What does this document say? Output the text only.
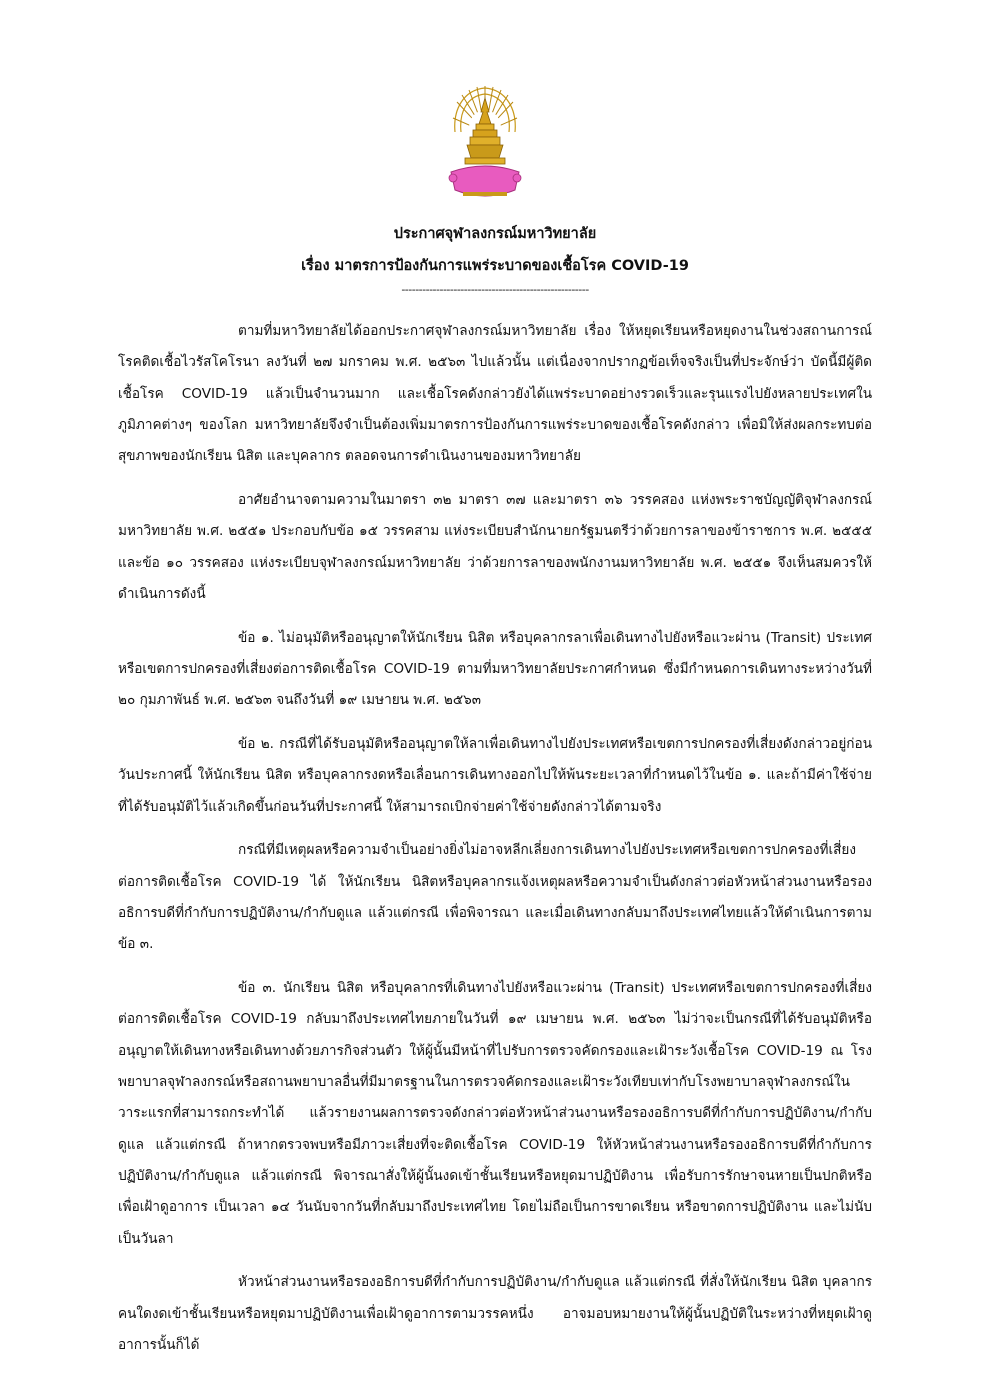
ประกาศจุฬาลงกรณ์มหาวิทยาลัย
เรื่อง มาตรการป้องกันการแพร่ระบาดของเชื้อโรค COVID-19
------------------------------------------------------

ตามที่มหาวิทยาลัยได้ออกประกาศจุฬาลงกรณ์มหาวิทยาลัย เรื่อง ให้หยุดเรียนหรือหยุดงานในช่วงสถานการณ์โรคติดเชื้อไวรัสโคโรนา ลงวันที่ ๒๗ มกราคม พ.ศ. ๒๕๖๓ ไปแล้วนั้น แต่เนื่องจากปรากฏข้อเท็จจริงเป็นที่ประจักษ์ว่า บัดนี้มีผู้ติดเชื้อโรค COVID-19 แล้วเป็นจำนวนมาก และเชื้อโรคดังกล่าวยังได้แพร่ระบาดอย่างรวดเร็วและรุนแรงไปยังหลายประเทศในภูมิภาคต่างๆ ของโลก มหาวิทยาลัยจึงจำเป็นต้องเพิ่มมาตรการป้องกันการแพร่ระบาดของเชื้อโรคดังกล่าว เพื่อมิให้ส่งผลกระทบต่อสุขภาพของนักเรียน นิสิต และบุคลากร ตลอดจนการดำเนินงานของมหาวิทยาลัย

อาศัยอำนาจตามความในมาตรา ๓๒ มาตรา ๓๗ และมาตรา ๓๖ วรรคสอง แห่งพระราชบัญญัติจุฬาลงกรณ์มหาวิทยาลัย พ.ศ. ๒๕๕๑ ประกอบกับข้อ ๑๕ วรรคสาม แห่งระเบียบสำนักนายกรัฐมนตรีว่าด้วยการลาของข้าราชการ พ.ศ. ๒๕๕๕ และข้อ ๑๐ วรรคสอง แห่งระเบียบจุฬาลงกรณ์มหาวิทยาลัย ว่าด้วยการลาของพนักงานมหาวิทยาลัย พ.ศ. ๒๕๕๑ จึงเห็นสมควรให้ดำเนินการดังนี้

ข้อ ๑. ไม่อนุมัติหรืออนุญาตให้นักเรียน นิสิต หรือบุคลากรลาเพื่อเดินทางไปยังหรือแวะผ่าน (Transit) ประเทศหรือเขตการปกครองที่เสี่ยงต่อการติดเชื้อโรค COVID-19 ตามที่มหาวิทยาลัยประกาศกำหนด ซึ่งมีกำหนดการเดินทางระหว่างวันที่ ๒๐ กุมภาพันธ์ พ.ศ. ๒๕๖๓ จนถึงวันที่ ๑๙ เมษายน พ.ศ. ๒๕๖๓

ข้อ ๒. กรณีที่ได้รับอนุมัติหรืออนุญาตให้ลาเพื่อเดินทางไปยังประเทศหรือเขตการปกครองที่เสี่ยงดังกล่าวอยู่ก่อนวันประกาศนี้ ให้นักเรียน นิสิต หรือบุคลากรงดหรือเลื่อนการเดินทางออกไปให้พ้นระยะเวลาที่กำหนดไว้ในข้อ ๑. และถ้ามีค่าใช้จ่ายที่ได้รับอนุมัติไว้แล้วเกิดขึ้นก่อนวันที่ประกาศนี้ ให้สามารถเบิกจ่ายค่าใช้จ่ายดังกล่าวได้ตามจริง

กรณีที่มีเหตุผลหรือความจำเป็นอย่างยิ่งไม่อาจหลีกเลี่ยงการเดินทางไปยังประเทศหรือเขตการปกครองที่เสี่ยงต่อการติดเชื้อโรค COVID-19 ได้ ให้นักเรียน นิสิตหรือบุคลากรแจ้งเหตุผลหรือความจำเป็นดังกล่าวต่อหัวหน้าส่วนงานหรือรองอธิการบดีที่กำกับการปฏิบัติงาน/กำกับดูแล แล้วแต่กรณี เพื่อพิจารณา และเมื่อเดินทางกลับมาถึงประเทศไทยแล้วให้ดำเนินการตามข้อ ๓.

ข้อ ๓. นักเรียน นิสิต หรือบุคลากรที่เดินทางไปยังหรือแวะผ่าน (Transit) ประเทศหรือเขตการปกครองที่เสี่ยงต่อการติดเชื้อโรค COVID-19 กลับมาถึงประเทศไทยภายในวันที่ ๑๙ เมษายน พ.ศ. ๒๕๖๓ ไม่ว่าจะเป็นกรณีที่ได้รับอนุมัติหรืออนุญาตให้เดินทางหรือเดินทางด้วยภารกิจส่วนตัว ให้ผู้นั้นมีหน้าที่ไปรับการตรวจคัดกรองและเฝ้าระวังเชื้อโรค COVID-19 ณ โรงพยาบาลจุฬาลงกรณ์หรือสถานพยาบาลอื่นที่มีมาตรฐานในการตรวจคัดกรองและเฝ้าระวังเทียบเท่ากับโรงพยาบาลจุฬาลงกรณ์ในวาระแรกที่สามารถกระทำได้ แล้วรายงานผลการตรวจดังกล่าวต่อหัวหน้าส่วนงานหรือรองอธิการบดีที่กำกับการปฏิบัติงาน/กำกับดูแล แล้วแต่กรณี ถ้าหากตรวจพบหรือมีภาวะเสี่ยงที่จะติดเชื้อโรค COVID-19 ให้หัวหน้าส่วนงานหรือรองอธิการบดีที่กำกับการปฏิบัติงาน/กำกับดูแล แล้วแต่กรณี พิจารณาสั่งให้ผู้นั้นงดเข้าชั้นเรียนหรือหยุดมาปฏิบัติงาน เพื่อรับการรักษาจนหายเป็นปกติหรือเพื่อเฝ้าดูอาการ เป็นเวลา ๑๔ วันนับจากวันที่กลับมาถึงประเทศไทย โดยไม่ถือเป็นการขาดเรียน หรือขาดการปฏิบัติงาน และไม่นับเป็นวันลา

หัวหน้าส่วนงานหรือรองอธิการบดีที่กำกับการปฏิบัติงาน/กำกับดูแล แล้วแต่กรณี ที่สั่งให้นักเรียน นิสิต บุคลากรคนใดงดเข้าชั้นเรียนหรือหยุดมาปฏิบัติงานเพื่อเฝ้าดูอาการตามวรรคหนึ่ง อาจมอบหมายงานให้ผู้นั้นปฏิบัติในระหว่างที่หยุดเฝ้าดูอาการนั้นก็ได้
